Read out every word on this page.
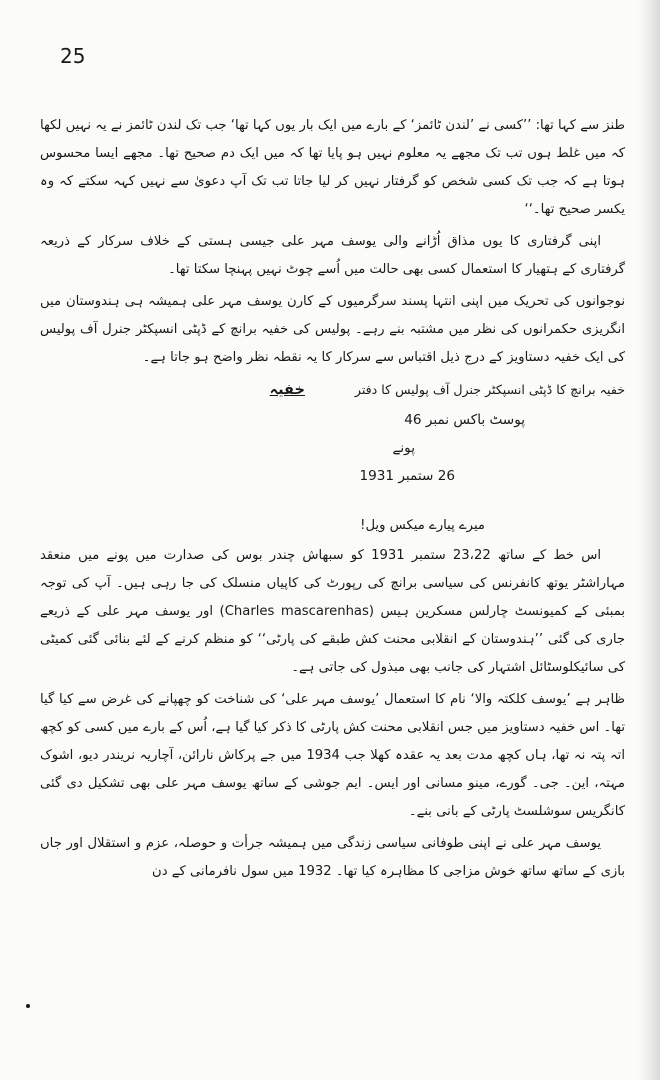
25

طنز سے کہا تھا: ’’کسی نے ’لندن ٹائمز‘ کے بارے میں ایک بار یوں کہا تھا‘ جب تک لندن ٹائمز نے یہ نہیں لکھا کہ میں غلط ہوں تب تک مجھے یہ معلوم نہیں ہو پایا تھا کہ میں ایک دم صحیح تھا۔ مجھے ایسا محسوس ہوتا ہے کہ جب تک کسی شخص کو گرفتار نہیں کر لیا جاتا تب تک آپ دعویٰ سے نہیں کہہ سکتے کہ وہ یکسر صحیح تھا۔‘‘

اپنی گرفتاری کا یوں مذاق اُڑانے والی یوسف مہر علی جیسی ہستی کے خلاف سرکار کے ذریعہ گرفتاری کے ہتھیار کا استعمال کسی بھی حالت میں اُسے چوٹ نہیں پہنچا سکتا تھا۔

نوجوانوں کی تحریک میں اپنی انتہا پسند سرگرمیوں کے کارن یوسف مہر علی ہمیشہ ہی ہندوستان میں انگریزی حکمرانوں کی نظر میں مشتبہ بنے رہے۔ پولیس کی خفیہ برانچ کے ڈپٹی انسپکٹر جنرل آف پولیس کی ایک خفیہ دستاویز کے درج ذیل اقتباس سے سرکار کا یہ نقطہ نظر واضح ہو جاتا ہے۔

خفیہ برانچ کا ڈپٹی انسپکٹر جنرل آف پولیس کا دفتر
خفیہ

پوسٹ باکس نمبر 46

پونے

26 ستمبر 1931

میرے پیارے میکس ویل!

اس خط کے ساتھ 23،22 ستمبر 1931 کو سبھاش چندر بوس کی صدارت میں پونے میں منعقد مہاراشٹر یوتھ کانفرنس کی سیاسی برانچ کی رپورٹ کی کاپیاں منسلک کی جا رہی ہیں۔ آپ کی توجہ بمبئی کے کمیونسٹ چارلس مسکرین ہیس (Charles mascarenhas) اور یوسف مہر علی کے ذریعے جاری کی گئی ’’ہندوستان کے انقلابی محنت کش طبقے کی پارٹی‘‘ کو منظم کرنے کے لئے بنائی گئی کمیٹی کی سائیکلوسٹائل اشتہار کی جانب بھی مبذول کی جاتی ہے۔

ظاہر ہے ’یوسف کلکتہ والا‘ نام کا استعمال ’یوسف مہر علی‘ کی شناخت کو چھپانے کی غرض سے کیا گیا تھا۔ اس خفیہ دستاویز میں جس انقلابی محنت کش پارٹی کا ذکر کیا گیا ہے، اُس کے بارے میں کسی کو کچھ اتہ پتہ نہ تھا، ہاں کچھ مدت بعد یہ عقدہ کھلا جب 1934 میں جے پرکاش نارائن، آچاریہ نریندر دیو، اشوک مہتہ، این۔ جی۔ گورے، مینو مسانی اور ایس۔ ایم جوشی کے ساتھ یوسف مہر علی بھی تشکیل دی گئی کانگریس سوشلسٹ پارٹی کے بانی بنے۔

یوسف مہر علی نے اپنی طوفانی سیاسی زندگی میں ہمیشہ جرأت و حوصلہ، عزم و استقلال اور جاں بازی کے ساتھ ساتھ خوش مزاجی کا مظاہرہ کیا تھا۔ 1932 میں سول نافرمانی کے دن
